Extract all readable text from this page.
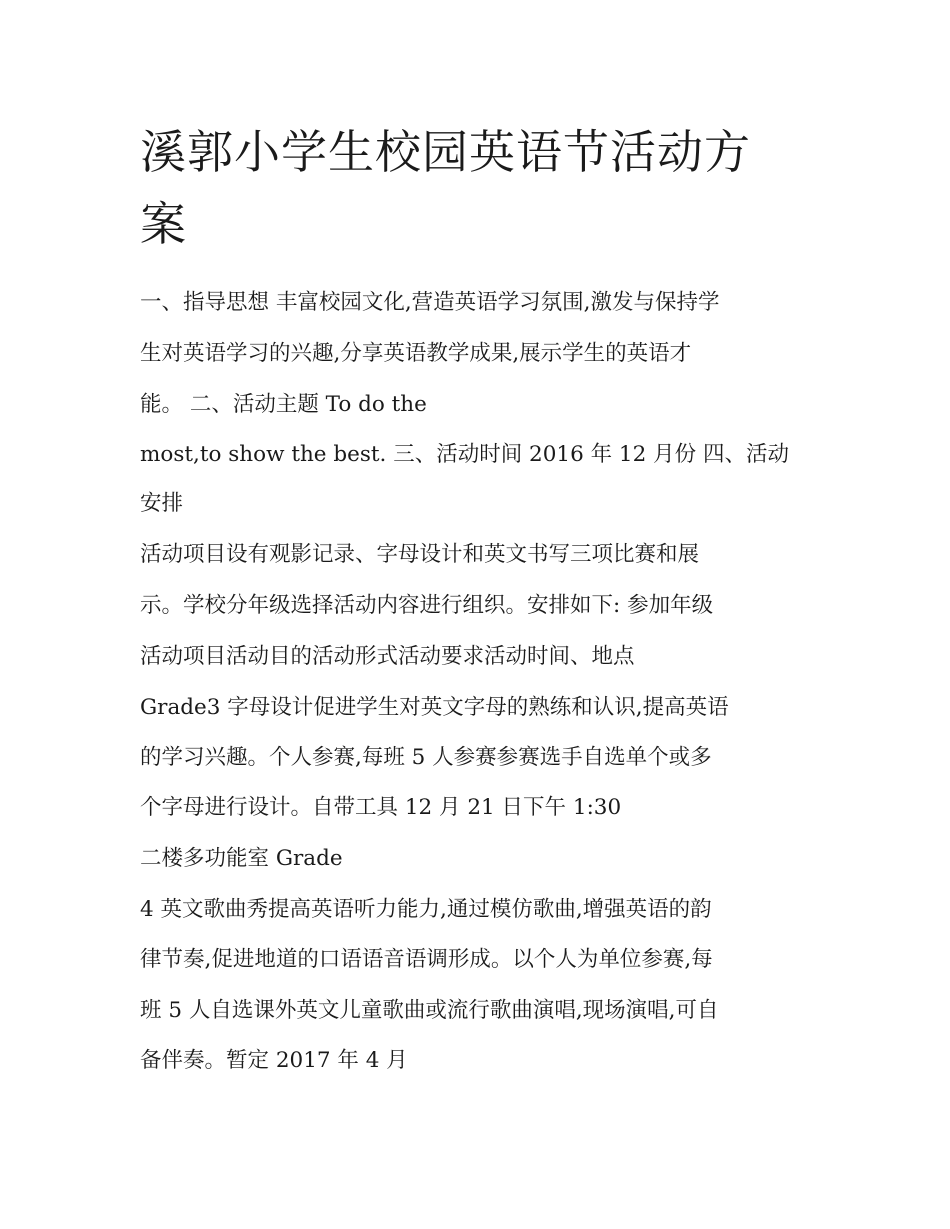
溪郭小学生校园英语节活动方
案

一、指导思想 丰富校园文化,营造英语学习氛围,激发与保持学

生对英语学习的兴趣,分享英语教学成果,展示学生的英语才

能。 二、活动主题 To do the

most,to show the best. 三、活动时间 2016 年 12 月份 四、活动

安排

活动项目设有观影记录、字母设计和英文书写三项比赛和展

示。学校分年级选择活动内容进行组织。安排如下: 参加年级

活动项目活动目的活动形式活动要求活动时间、地点

Grade3 字母设计促进学生对英文字母的熟练和认识,提高英语

的学习兴趣。个人参赛,每班 5 人参赛参赛选手自选单个或多

个字母进行设计。自带工具 12 月 21 日下午 1:30

二楼多功能室 Grade

4 英文歌曲秀提高英语听力能力,通过模仿歌曲,增强英语的韵

律节奏,促进地道的口语语音语调形成。以个人为单位参赛,每

班 5 人自选课外英文儿童歌曲或流行歌曲演唱,现场演唱,可自

备伴奏。暂定 2017 年 4 月
